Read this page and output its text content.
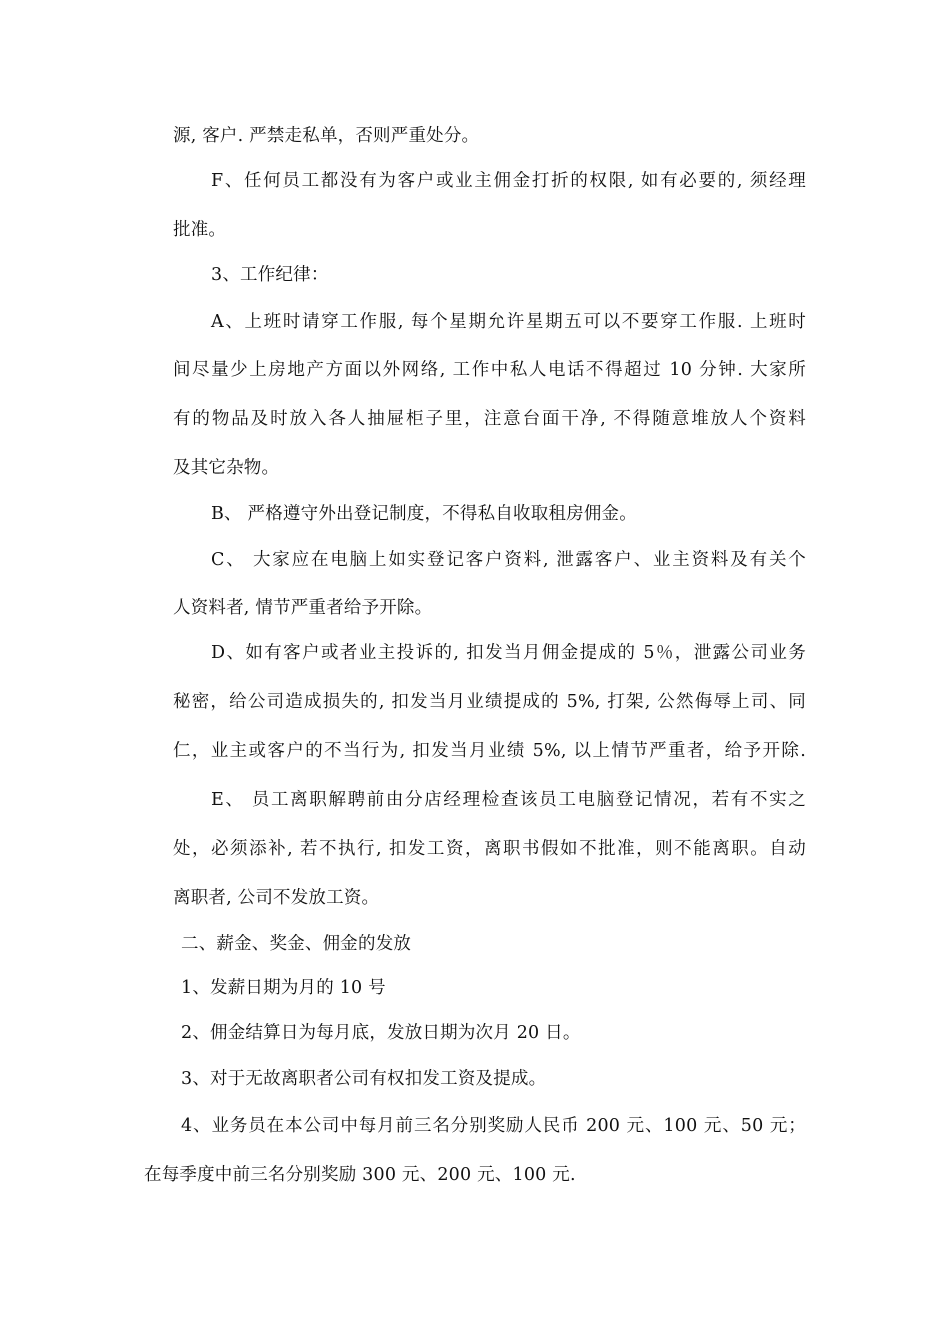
源, 客户. 严禁走私单，否则严重处分。
F、任何员工都没有为客户或业主佣金打折的权限, 如有必要的, 须经理
批准。
3、工作纪律：
A、上班时请穿工作服, 每个星期允许星期五可以不要穿工作服. 上班时
间尽量少上房地产方面以外网络, 工作中私人电话不得超过 10 分钟. 大家所
有的物品及时放入各人抽屉柜子里，注意台面干净, 不得随意堆放人个资料
及其它杂物。
B、 严格遵守外出登记制度，不得私自收取租房佣金。
C、 大家应在电脑上如实登记客户资料, 泄露客户、业主资料及有关个
人资料者, 情节严重者给予开除。
D、如有客户或者业主投诉的, 扣发当月佣金提成的 5％，泄露公司业务
秘密，给公司造成损失的, 扣发当月业绩提成的 5%, 打架, 公然侮辱上司、同
仁，业主或客户的不当行为, 扣发当月业绩 5%, 以上情节严重者，给予开除.
E、 员工离职解聘前由分店经理检查该员工电脑登记情况，若有不实之
处，必须添补, 若不执行, 扣发工资，离职书假如不批准，则不能离职。自动
离职者, 公司不发放工资。
二、薪金、奖金、佣金的发放
1、发薪日期为月的 10 号
2、佣金结算日为每月底，发放日期为次月 20 日。
3、对于无故离职者公司有权扣发工资及提成。
4、业务员在本公司中每月前三名分别奖励人民币 200 元、100 元、50 元；
在每季度中前三名分别奖励 300 元、200 元、100 元.
